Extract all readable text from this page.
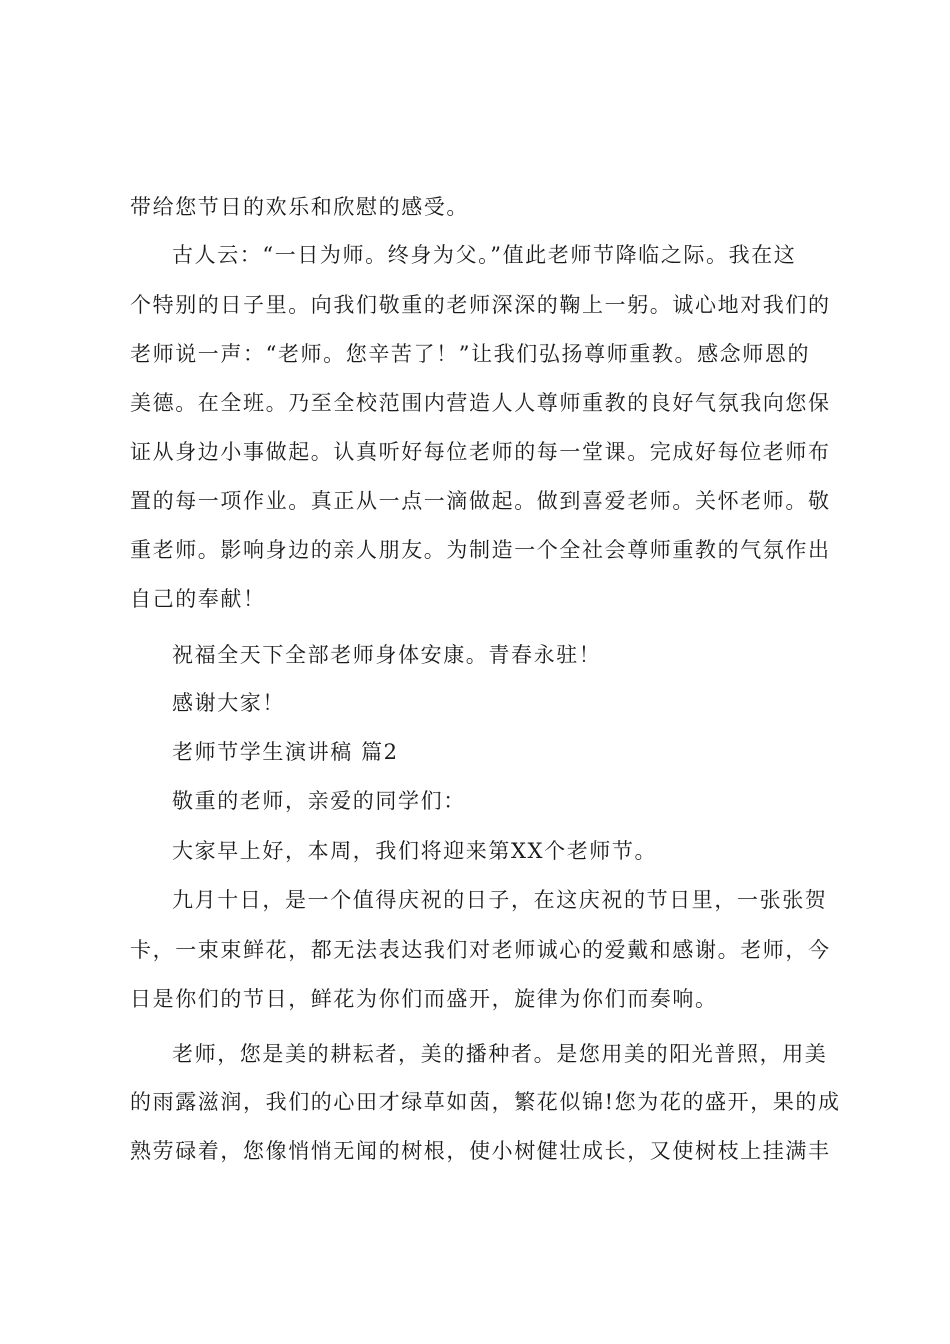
带给您节日的欢乐和欣慰的感受。
古人云：“一日为师。终身为父。”值此老师节降临之际。我在这
个特别的日子里。向我们敬重的老师深深的鞠上一躬。诚心地对我们的
老师说一声：“老师。您辛苦了！”让我们弘扬尊师重教。感念师恩的
美德。在全班。乃至全校范围内营造人人尊师重教的良好气氛我向您保
证从身边小事做起。认真听好每位老师的每一堂课。完成好每位老师布
置的每一项作业。真正从一点一滴做起。做到喜爱老师。关怀老师。敬
重老师。影响身边的亲人朋友。为制造一个全社会尊师重教的气氛作出
自己的奉献！
祝福全天下全部老师身体安康。青春永驻！
感谢大家！
老师节学生演讲稿 篇2
敬重的老师，亲爱的同学们：
大家早上好，本周，我们将迎来第XX个老师节。
九月十日，是一个值得庆祝的日子，在这庆祝的节日里，一张张贺
卡，一束束鲜花，都无法表达我们对老师诚心的爱戴和感谢。老师，今
日是你们的节日，鲜花为你们而盛开，旋律为你们而奏响。
老师，您是美的耕耘者，美的播种者。是您用美的阳光普照，用美
的雨露滋润，我们的心田才绿草如茵，繁花似锦!您为花的盛开，果的成
熟劳碌着，您像悄悄无闻的树根，使小树健壮成长，又使树枝上挂满丰
